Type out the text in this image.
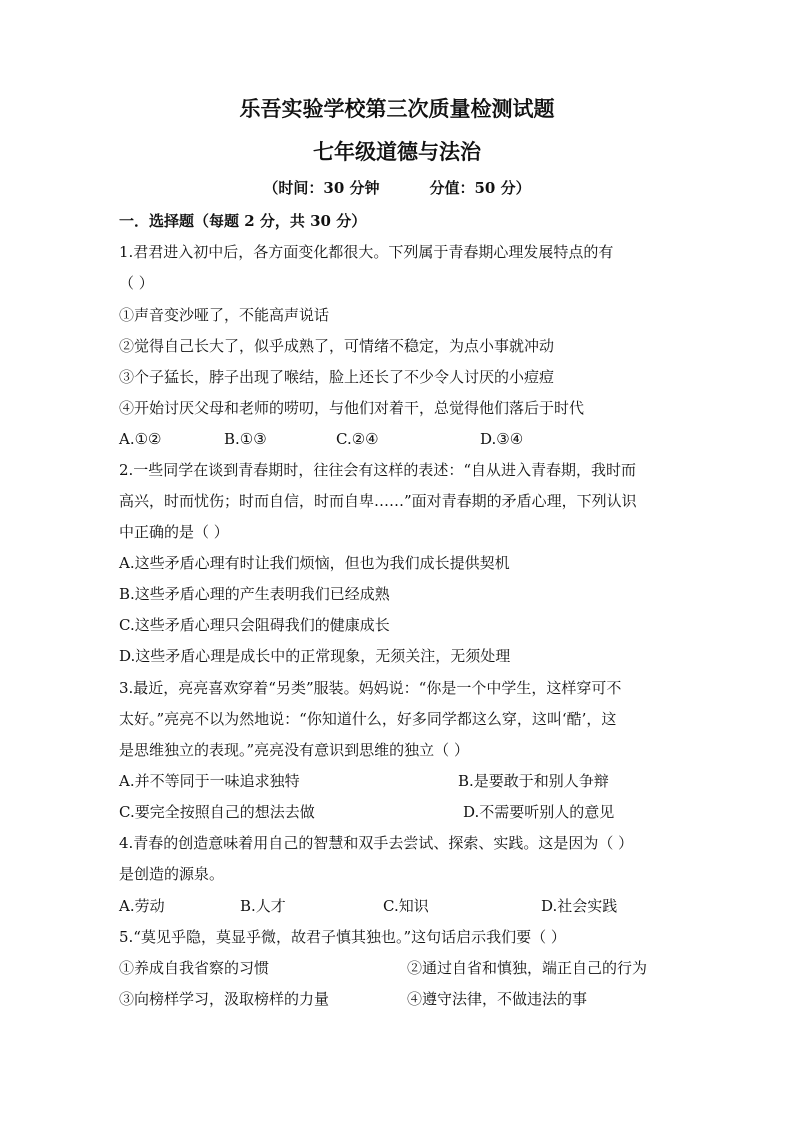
乐吾实验学校第三次质量检测试题
七年级道德与法治
（时间：30 分钟	分值：50 分）
一．选择题（每题 2 分，共 30 分）
1.君君进入初中后，各方面变化都很大。下列属于青春期心理发展特点的有
（ ）
①声音变沙哑了，不能高声说话
②觉得自己长大了，似乎成熟了，可情绪不稳定，为点小事就冲动
③个子猛长，脖子出现了喉结，脸上还长了不少令人讨厌的小痘痘
④开始讨厌父母和老师的唠叨，与他们对着干，总觉得他们落后于时代
A.①②	B.①③	C.②④	D.③④
2.一些同学在谈到青春期时，往往会有这样的表述：“自从进入青春期，我时而
高兴，时而忧伤；时而自信，时而自卑……”面对青春期的矛盾心理，下列认识
中正确的是（ ）
A.这些矛盾心理有时让我们烦恼，但也为我们成长提供契机
B.这些矛盾心理的产生表明我们已经成熟
C.这些矛盾心理只会阻碍我们的健康成长
D.这些矛盾心理是成长中的正常现象，无须关注，无须处理
3.最近，亮亮喜欢穿着“另类”服装。妈妈说：“你是一个中学生，这样穿可不
太好。”亮亮不以为然地说：“你知道什么，好多同学都这么穿，这叫‘酷’，这
是思维独立的表现。”亮亮没有意识到思维的独立（ ）
A.并不等同于一味追求独特	B.是要敢于和别人争辩
C.要完全按照自己的想法去做	D.不需要听别人的意见
4.青春的创造意味着用自己的智慧和双手去尝试、探索、实践。这是因为（ ）
是创造的源泉。
A.劳动	B.人才	C.知识	D.社会实践
5.“莫见乎隐，莫显乎微，故君子慎其独也。”这句话启示我们要（ ）
①养成自我省察的习惯	②通过自省和慎独，端正自己的行为
③向榜样学习，汲取榜样的力量	④遵守法律，不做违法的事
